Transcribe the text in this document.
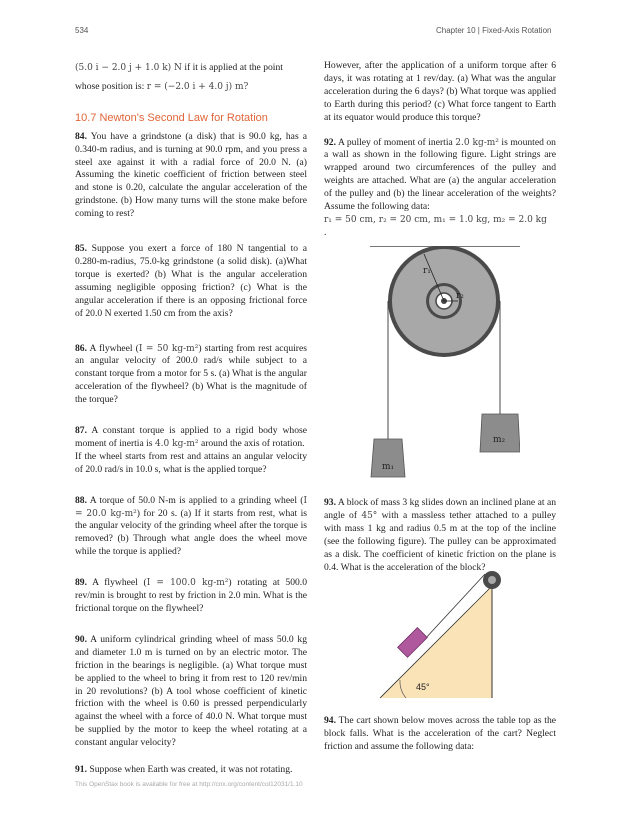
534	Chapter 10 | Fixed-Axis Rotation

(5.0 i − 2.0 j + 1.0 k) N if it is applied at the point

whose position is: r = (−2.0 i + 4.0 j) m?

10.7 Newton's Second Law for Rotation

84. You have a grindstone (a disk) that is 90.0 kg, has a 0.340-m radius, and is turning at 90.0 rpm, and you press a steel axe against it with a radial force of 20.0 N. (a) Assuming the kinetic coefficient of friction between steel and stone is 0.20, calculate the angular acceleration of the grindstone. (b) How many turns will the stone make before coming to rest?

85. Suppose you exert a force of 180 N tangential to a 0.280-m-radius, 75.0-kg grindstone (a solid disk). (a)What torque is exerted? (b) What is the angular acceleration assuming negligible opposing friction? (c) What is the angular acceleration if there is an opposing frictional force of 20.0 N exerted 1.50 cm from the axis?

86. A flywheel (I = 50 kg-m²) starting from rest acquires an angular velocity of 200.0 rad/s while subject to a constant torque from a motor for 5 s. (a) What is the angular acceleration of the flywheel? (b) What is the magnitude of the torque?

87. A constant torque is applied to a rigid body whose moment of inertia is 4.0 kg-m² around the axis of rotation.
If the wheel starts from rest and attains an angular velocity of 20.0 rad/s in 10.0 s, what is the applied torque?

88. A torque of 50.0 N-m is applied to a grinding wheel (I = 20.0 kg-m²) for 20 s. (a) If it starts from rest, what is the angular velocity of the grinding wheel after the torque is removed? (b) Through what angle does the wheel move while the torque is applied?

89. A flywheel (I = 100.0 kg-m²) rotating at 500.0 rev/min is brought to rest by friction in 2.0 min. What is the frictional torque on the flywheel?

90. A uniform cylindrical grinding wheel of mass 50.0 kg and diameter 1.0 m is turned on by an electric motor. The friction in the bearings is negligible. (a) What torque must be applied to the wheel to bring it from rest to 120 rev/min in 20 revolutions? (b) A tool whose coefficient of kinetic friction with the wheel is 0.60 is pressed perpendicularly against the wheel with a force of 40.0 N. What torque must be supplied by the motor to keep the wheel rotating at a constant angular velocity?

91. Suppose when Earth was created, it was not rotating.

However, after the application of a uniform torque after 6 days, it was rotating at 1 rev/day. (a) What was the angular acceleration during the 6 days? (b) What torque was applied to Earth during this period? (c) What force tangent to Earth at its equator would produce this torque?

92. A pulley of moment of inertia 2.0 kg-m² is mounted on a wall as shown in the following figure. Light strings are wrapped around two circumferences of the pulley and weights are attached. What are (a) the angular acceleration of the pulley and (b) the linear acceleration of the weights? Assume the following data:

r₁ = 50 cm, r₂ = 20 cm, m₁ = 1.0 kg, m₂ = 2.0 kg
.

r₁
r₂
m₁
m₂

93. A block of mass 3 kg slides down an inclined plane at an angle of 45° with a massless tether attached to a pulley with mass 1 kg and radius 0.5 m at the top of the incline (see the following figure). The pulley can be approximated as a disk. The coefficient of kinetic friction on the plane is 0.4. What is the acceleration of the block?

45°

94. The cart shown below moves across the table top as the block falls. What is the acceleration of the cart? Neglect friction and assume the following data:

This OpenStax book is available for free at http://cnx.org/content/col12031/1.10
